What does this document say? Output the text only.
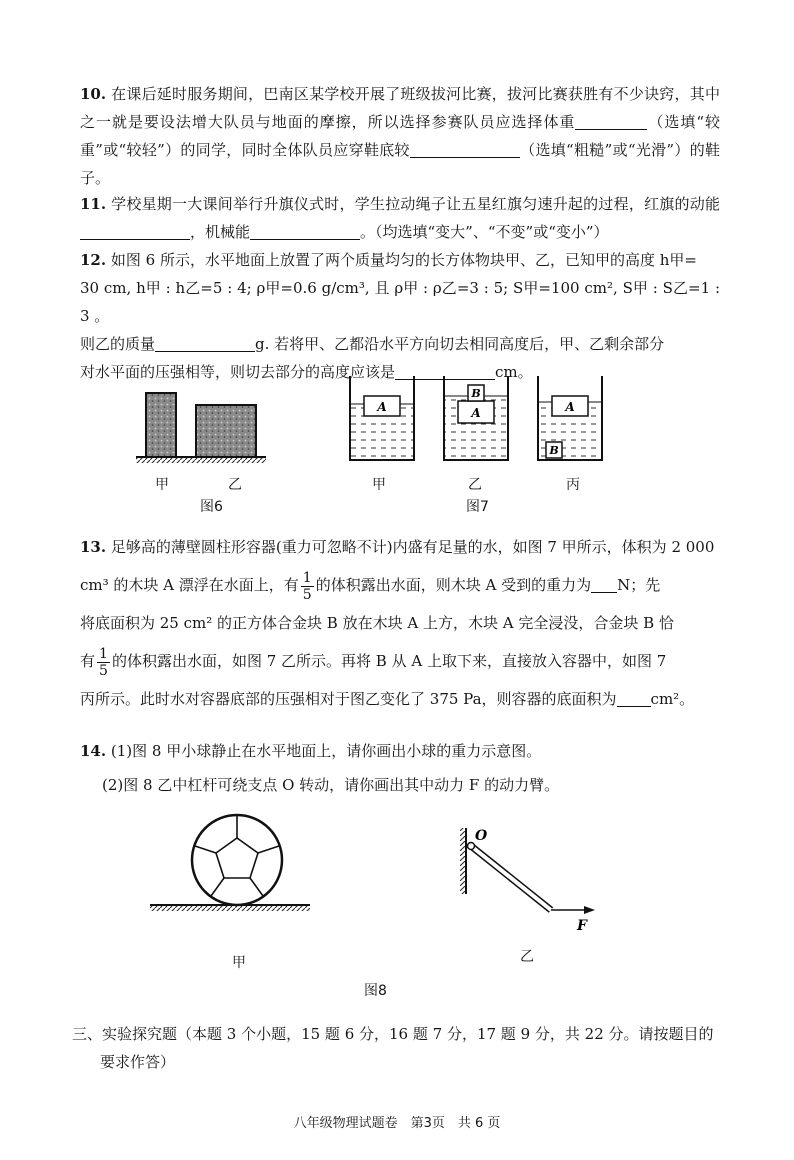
10. 在课后延时服务期间，巴南区某学校开展了班级拔河比赛，拔河比赛获胜有不少诀窍，其中之一就是要设法增大队员与地面的摩擦，所以选择参赛队员应选择体重	（选填“较重”或“较轻”）的同学，同时全体队员应穿鞋底较	（选填“粗糙”或“光滑”）的鞋子。
11. 学校星期一大课间举行升旗仪式时，学生拉动绳子让五星红旗匀速升起的过程，红旗的动能，机械能	。（均选填“变大”、“不变”或“变小”）
12. 如图 6 所示，水平地面上放置了两个质量均匀的长方体物块甲、乙，已知甲的高度 h甲=
30 cm, h甲 : h乙=5 : 4; ρ甲=0.6 g/cm³, 且 ρ甲 : ρ乙=3 : 5; S甲=100 cm², S甲 : S乙=1 : 3 。
则乙的质量	g. 若将甲、乙都沿水平方向切去相同高度后，甲、乙剩余部分
对水平面的压强相等，则切去部分的高度应该是	cm。
甲	乙
图6
A	A
B
A
B
甲	乙	丙
图7
13. 足够高的薄壁圆柱形容器(重力可忽略不计)内盛有足量的水，如图 7 甲所示，体积为 2 000
cm³ 的木块 A 漂浮在水面上，有 $\frac{1}{5}$ 的体积露出水面，则木块 A 受到的重力为 N；先
将底面积为 25 cm² 的正方体合金块 B 放在木块 A 上方，木块 A 完全浸没，合金块 B 恰
有 $\frac{1}{5}$ 的体积露出水面，如图 7 乙所示。再将 B 从 A 上取下来，直接放入容器中，如图 7
丙所示。此时水对容器底部的压强相对于图乙变化了 375 Pa，则容器的底面积为 cm²。
14. (1)图 8 甲小球静止在水平地面上，请你画出小球的重力示意图。
(2)图 8 乙中杠杆可绕支点 O 转动，请你画出其中动力 F 的动力臂。
O
F
甲	乙
图8
三、实验探究题（本题 3 个小题，15 题 6 分，16 题 7 分，17 题 9 分，共 22 分。请按题目的
要求作答）
八年级物理试题卷　第3页　共 6 页
